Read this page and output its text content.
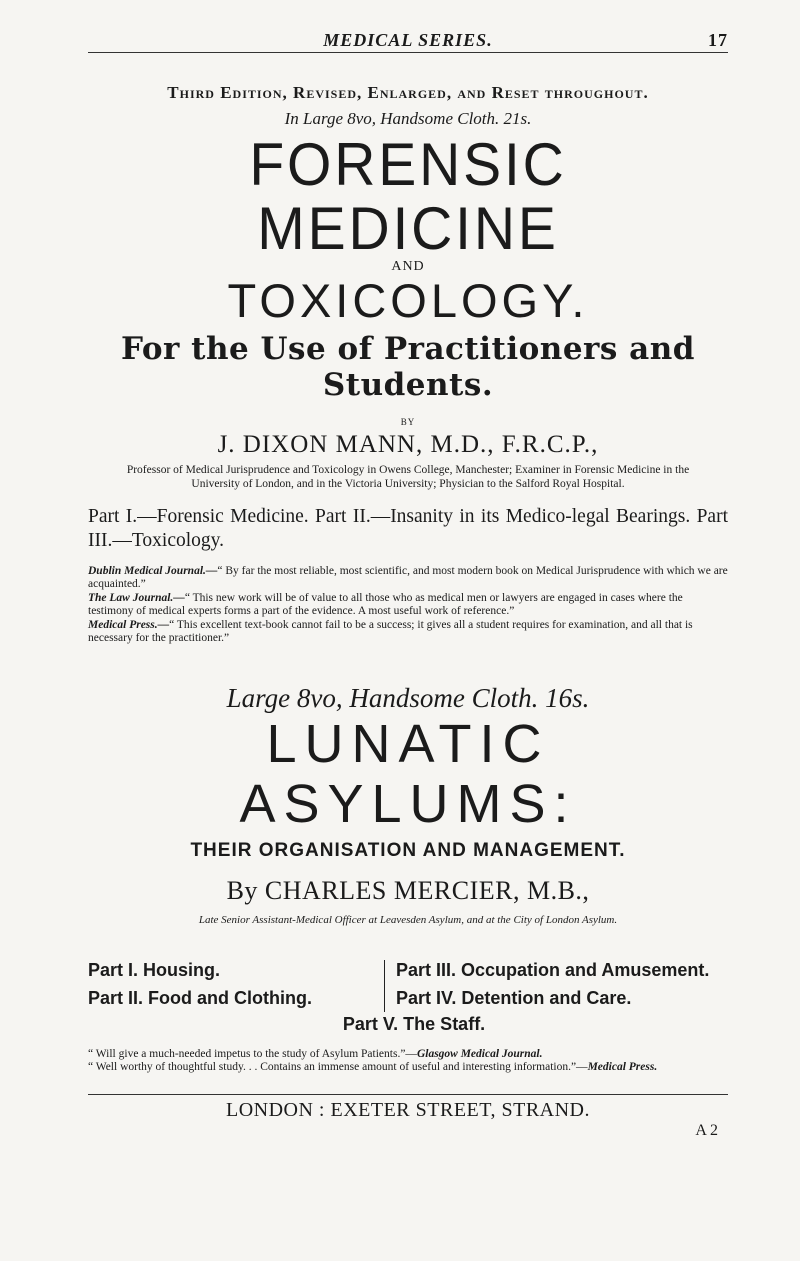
MEDICAL SERIES.	17
Third Edition, Revised, Enlarged, and Reset throughout.
In Large 8vo, Handsome Cloth. 21s.
FORENSIC MEDICINE
AND
TOXICOLOGY.
For the Use of Practitioners and Students.
BY
J. DIXON MANN, M.D., F.R.C.P.,
Professor of Medical Jurisprudence and Toxicology in Owens College, Manchester; Examiner in Forensic Medicine in the University of London, and in the Victoria University; Physician to the Salford Royal Hospital.
Part I.—Forensic Medicine. Part II.—Insanity in its Medico-legal Bearings. Part III.—Toxicology.

Dublin Medical Journal.—“ By far the most reliable, most scientific, and most modern book on Medical Jurisprudence with which we are acquainted.”

The Law Journal.—“ This new work will be of value to all those who as medical men or lawyers are engaged in cases where the testimony of medical experts forms a part of the evidence. A most useful work of reference.”

Medical Press.—“ This excellent text-book cannot fail to be a success; it gives all a student requires for examination, and all that is necessary for the practitioner.”

Large 8vo, Handsome Cloth. 16s.
LUNATIC ASYLUMS:
THEIR ORGANISATION AND MANAGEMENT.
By CHARLES MERCIER, M.B.,
Late Senior Assistant-Medical Officer at Leavesden Asylum, and at the City of London Asylum.
Part I. Housing.
Part II. Food and Clothing.
Part III. Occupation and Amusement.
Part IV. Detention and Care.
Part V. The Staff.

“ Will give a much-needed impetus to the study of Asylum Patients.”—Glasgow Medical Journal.

“ Well worthy of thoughtful study. . . Contains an immense amount of useful and interesting information.”—Medical Press.

LONDON : EXETER STREET, STRAND.
A 2
